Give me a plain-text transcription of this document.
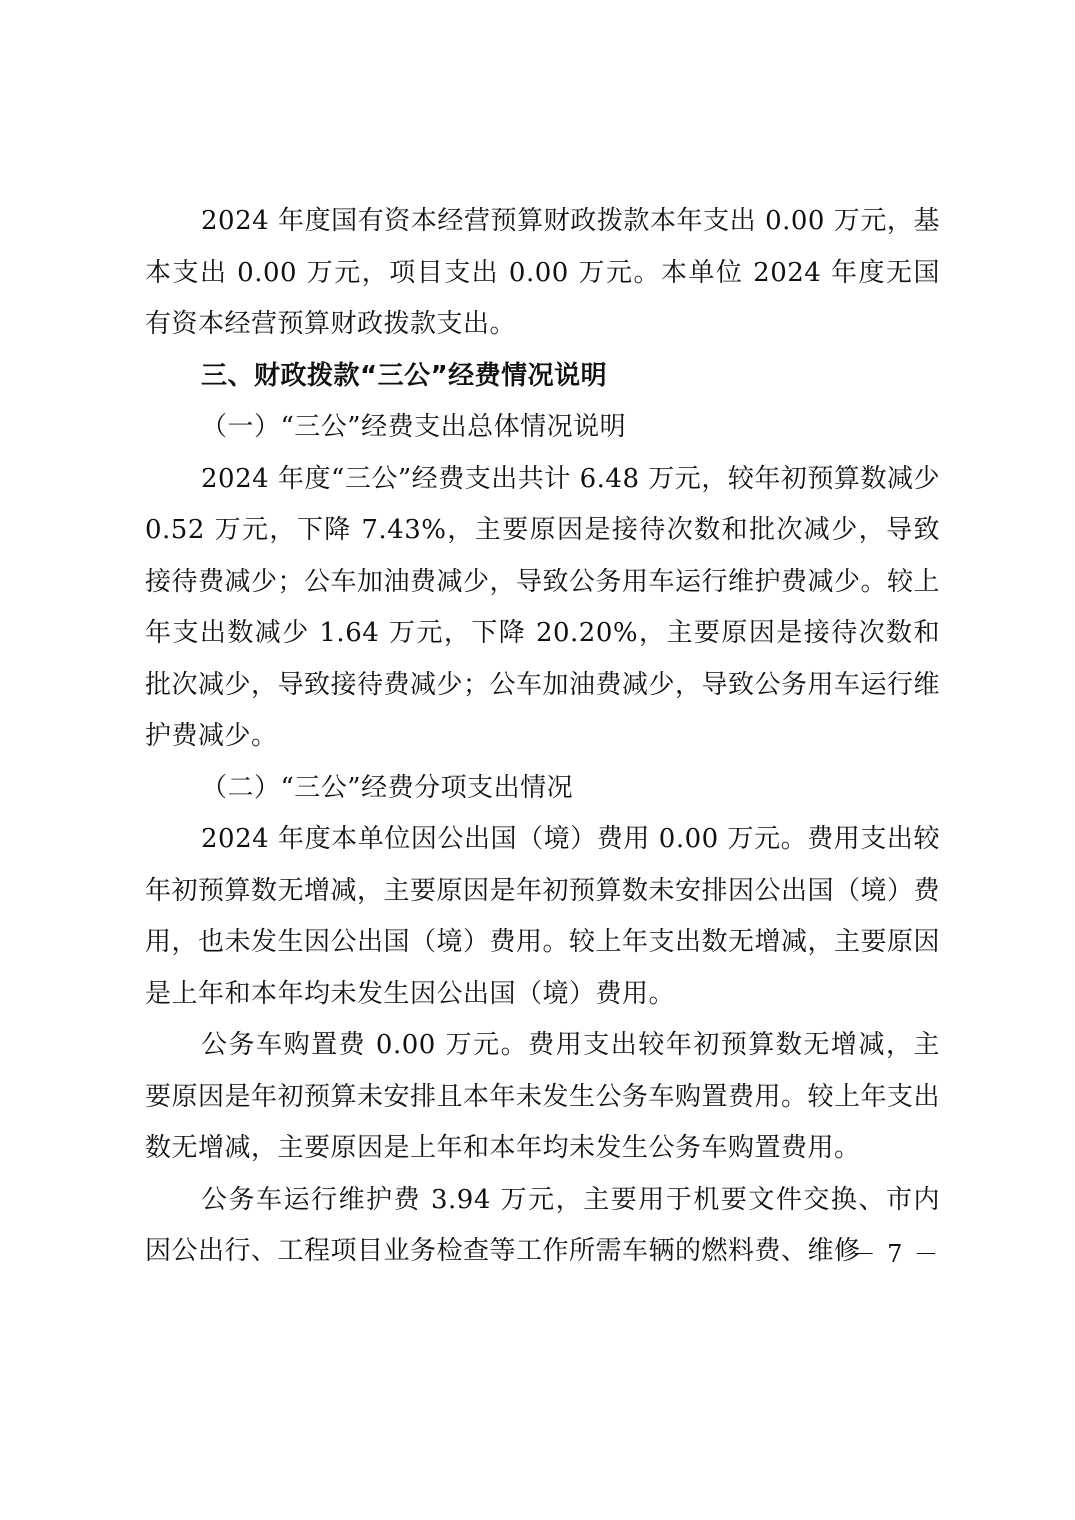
2024 年度国有资本经营预算财政拨款本年支出 0.00 万元，基本支出 0.00 万元，项目支出 0.00 万元。本单位 2024 年度无国有资本经营预算财政拨款支出。

三、财政拨款“三公”经费情况说明

（一）“三公”经费支出总体情况说明

2024 年度“三公”经费支出共计 6.48 万元，较年初预算数减少 0.52 万元，下降 7.43%，主要原因是接待次数和批次减少，导致接待费减少；公车加油费减少，导致公务用车运行维护费减少。较上年支出数减少 1.64 万元，下降 20.20%，主要原因是接待次数和批次减少，导致接待费减少；公车加油费减少，导致公务用车运行维护费减少。

（二）“三公”经费分项支出情况

2024 年度本单位因公出国（境）费用 0.00 万元。费用支出较年初预算数无增减，主要原因是年初预算数未安排因公出国（境）费用，也未发生因公出国（境）费用。较上年支出数无增减，主要原因是上年和本年均未发生因公出国（境）费用。

公务车购置费 0.00 万元。费用支出较年初预算数无增减，主要原因是年初预算未安排且本年未发生公务车购置费用。较上年支出数无增减，主要原因是上年和本年均未发生公务车购置费用。

公务车运行维护费 3.94 万元，主要用于机要文件交换、市内因公出行、工程项目业务检查等工作所需车辆的燃料费、维修

－ 7 －
